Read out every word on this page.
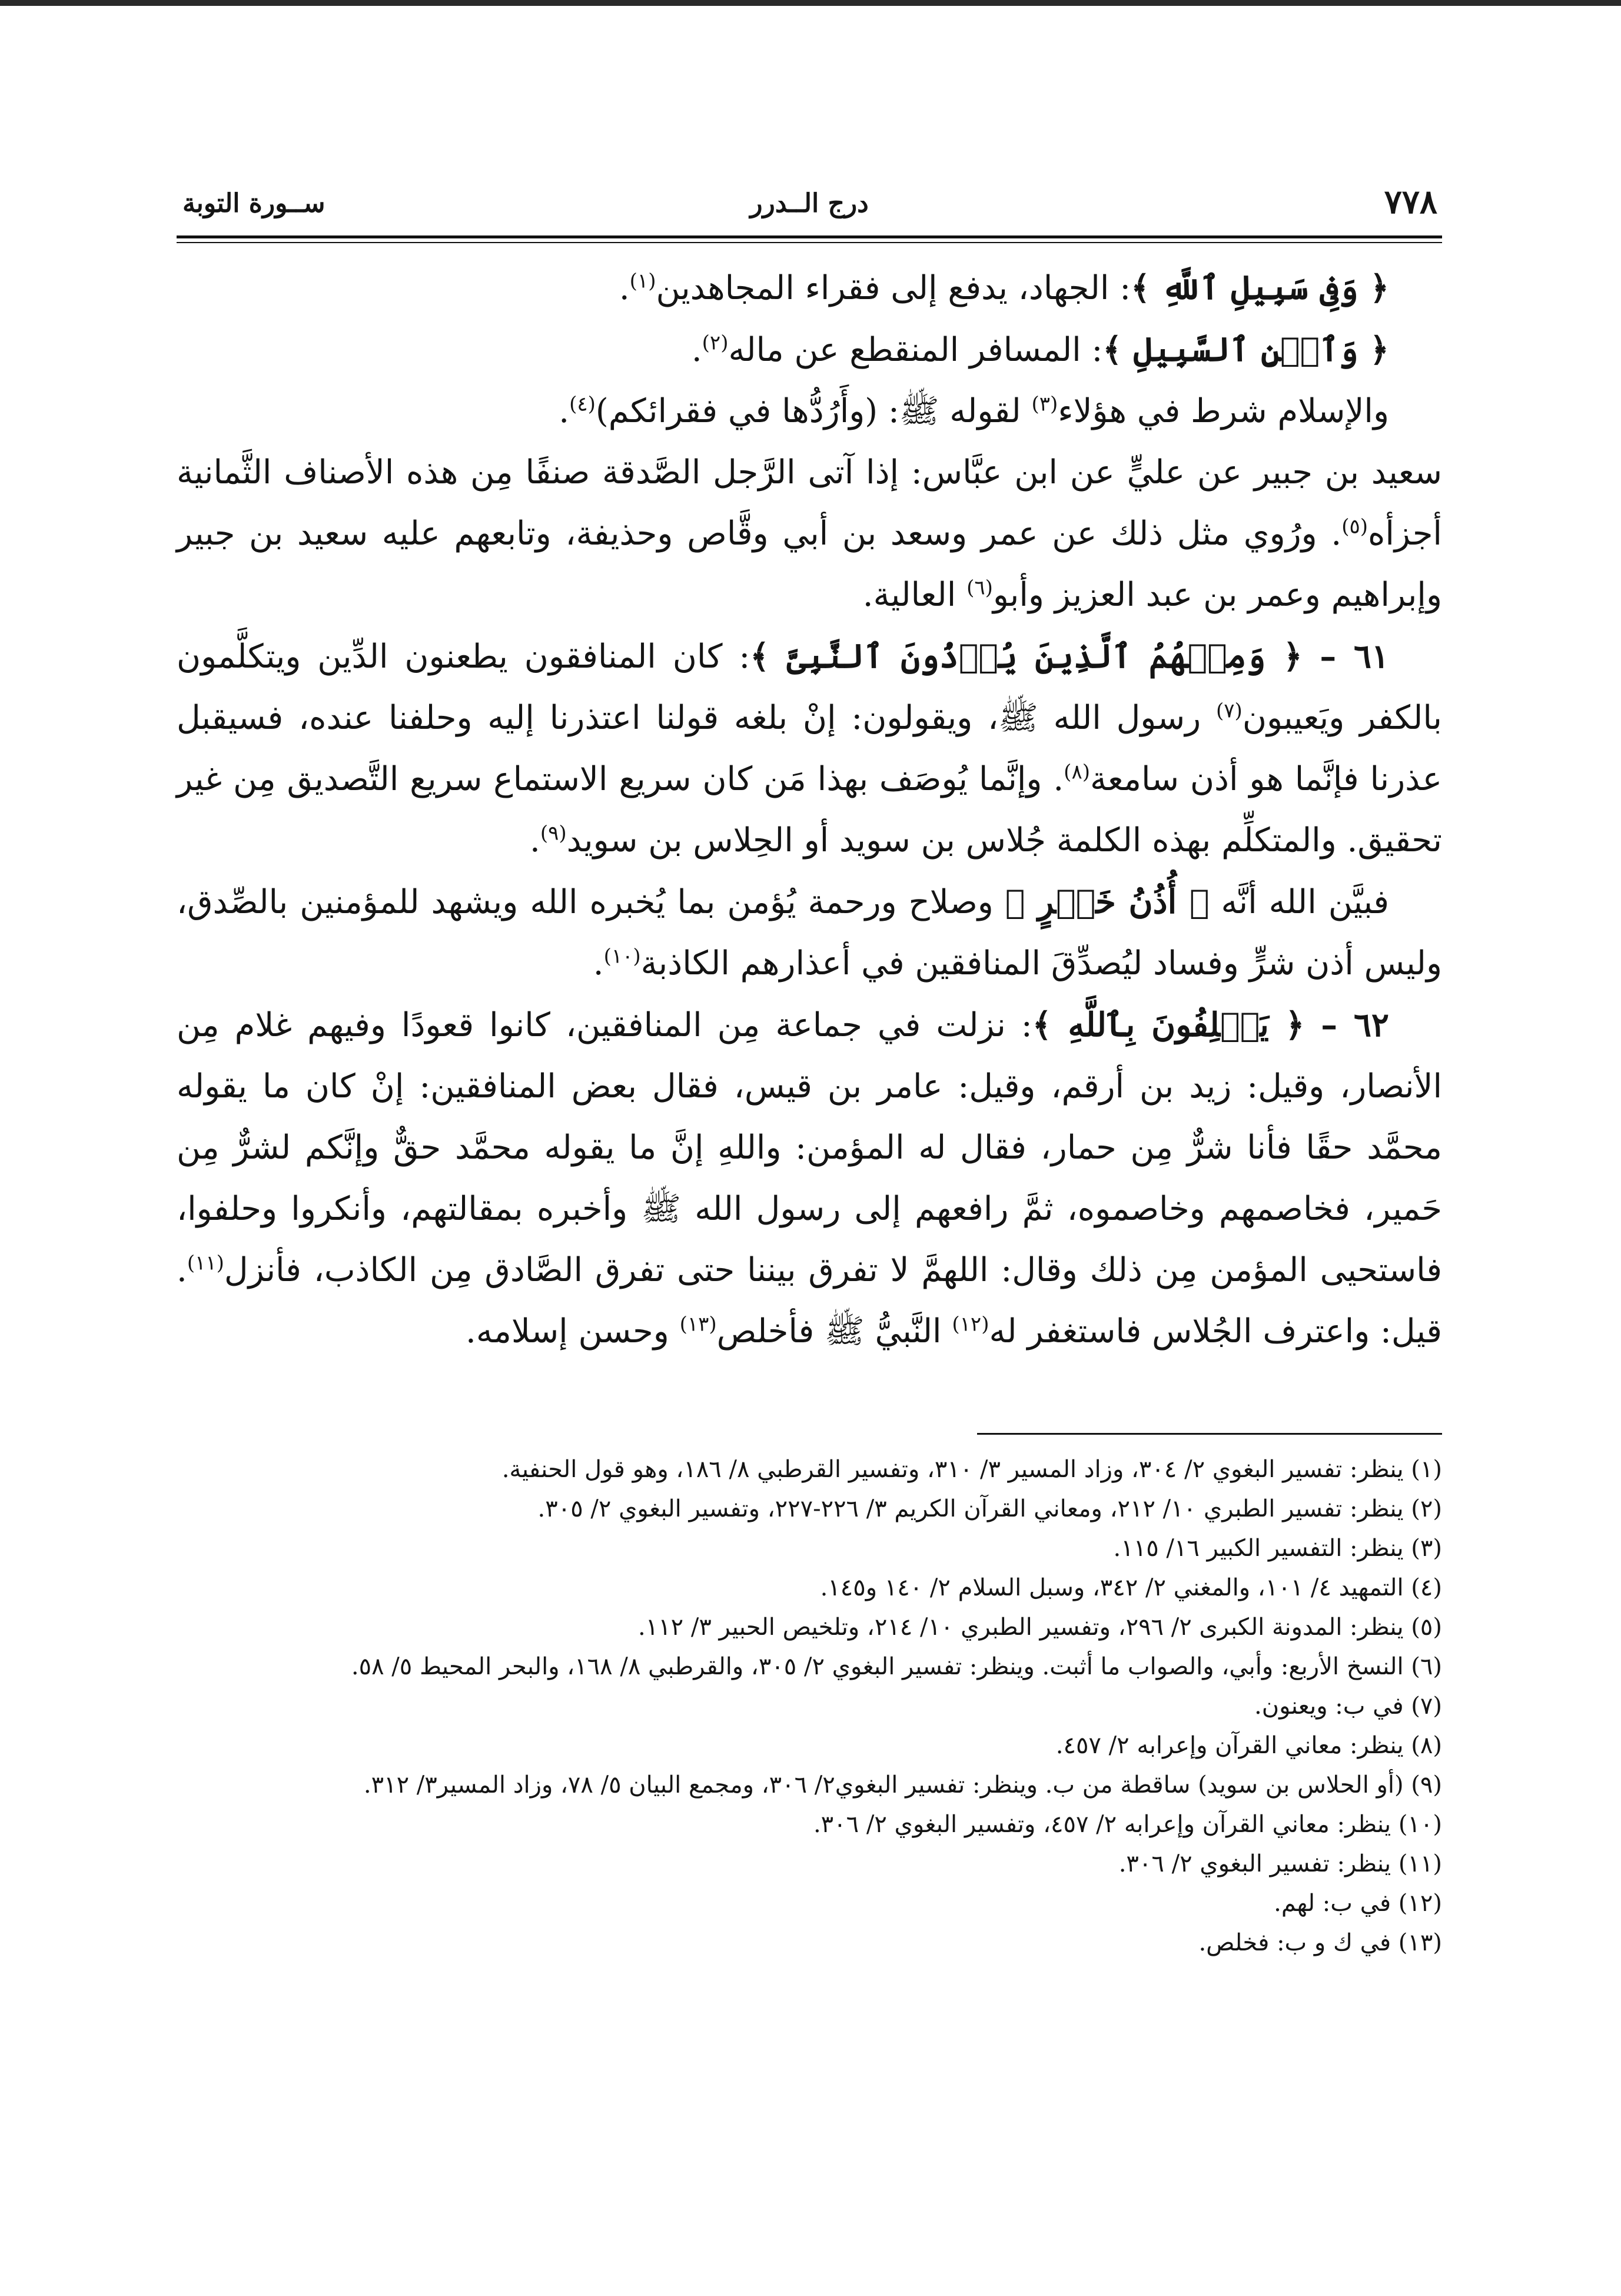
٧٧٨
درج الــدرر
ســورة التوبة

﴿ وَفِى سَبِيلِ ٱللَّهِ ﴾: الجهاد، يدفع إلى فقراء المجاهدين$^{(١)}$.

﴿ وَٱبۡنِ ٱلسَّبِيلِ ﴾: المسافر المنقطع عن ماله$^{(٢)}$.

والإسلام شرط في هؤلاء$^{(٣)}$ لقوله ﷺ: (وأَرُدُّها في فقرائكم)$^{(٤)}$.

سعيد بن جبير عن عليٍّ عن ابن عبَّاس: إذا آتى الرَّجل الصَّدقة صنفًا مِن هذه الأصناف الثَّمانية أجزأه$^{(٥)}$. ورُوي مثل ذلك عن عمر وسعد بن أبي وقَّاص وحذيفة، وتابعهم عليه سعيد بن جبير وإبراهيم وعمر بن عبد العزيز وأبو$^{(٦)}$ العالية.

٦١ – ﴿ وَمِنۡهُمُ ٱلَّذِينَ يُؤۡذُونَ ٱلنَّبِىَّ ﴾: كان المنافقون يطعنون الدِّين ويتكلَّمون بالكفر ويَعيبون$^{(٧)}$ رسول الله ﷺ، ويقولون: إنْ بلغه قولنا اعتذرنا إليه وحلفنا عنده، فسيقبل عذرنا فإنَّما هو أذن سامعة$^{(٨)}$. وإنَّما يُوصَف بهذا مَن كان سريع الاستماع سريع التَّصديق مِن غير تحقيق. والمتكلِّم بهذه الكلمة جُلاس بن سويد أو الحِلاس بن سويد$^{(٩)}$.

فبيَّن الله أنَّه ﴿ أُذُنُ خَيۡرٍ ﴾ وصلاح ورحمة يُؤمن بما يُخبره الله ويشهد للمؤمنين بالصِّدق، وليس أذن شرٍّ وفساد ليُصدِّقَ المنافقين في أعذارهم الكاذبة$^{(١٠)}$.

٦٢ – ﴿ يَحۡلِفُونَ بِٱللَّهِ ﴾: نزلت في جماعة مِن المنافقين، كانوا قعودًا وفيهم غلام مِن الأنصار، وقيل: زيد بن أرقم، وقيل: عامر بن قيس، فقال بعض المنافقين: إنْ كان ما يقوله محمَّد حقًا فأنا شرٌّ مِن حمار، فقال له المؤمن: واللهِ إنَّ ما يقوله محمَّد حقٌّ وإنَّكم لشرٌّ مِن حَمير، فخاصمهم وخاصموه، ثمَّ رافعهم إلى رسول الله ﷺ وأخبره بمقالتهم، وأنكروا وحلفوا، فاستحيى المؤمن مِن ذلك وقال: اللهمَّ لا تفرق بيننا حتى تفرق الصَّادق مِن الكاذب، فأنزل$^{(١١)}$. قيل: واعترف الجُلاس فاستغفر له$^{(١٢)}$ النَّبيُّ ﷺ فأخلص$^{(١٣)}$ وحسن إسلامه.

(١) ينظر: تفسير البغوي ٢/ ٣٠٤، وزاد المسير ٣/ ٣١٠، وتفسير القرطبي ٨/ ١٨٦، وهو قول الحنفية.
(٢) ينظر: تفسير الطبري ١٠/ ٢١٢، ومعاني القرآن الكريم ٣/ ٢٢٦-٢٢٧، وتفسير البغوي ٢/ ٣٠٥.
(٣) ينظر: التفسير الكبير ١٦/ ١١٥.
(٤) التمهيد ٤/ ١٠١، والمغني ٢/ ٣٤٢، وسبل السلام ٢/ ١٤٠ و١٤٥.
(٥) ينظر: المدونة الكبرى ٢/ ٢٩٦، وتفسير الطبري ١٠/ ٢١٤، وتلخيص الحبير ٣/ ١١٢.
(٦) النسخ الأربع: وأبي، والصواب ما أثبت. وينظر: تفسير البغوي ٢/ ٣٠٥، والقرطبي ٨/ ١٦٨، والبحر المحيط ٥/ ٥٨.
(٧) في ب: ويعنون.
(٨) ينظر: معاني القرآن وإعرابه ٢/ ٤٥٧.
(٩) (أو الحلاس بن سويد) ساقطة من ب. وينظر: تفسير البغوي٢/ ٣٠٦، ومجمع البيان ٥/ ٧٨، وزاد المسير٣/ ٣١٢.
(١٠) ينظر: معاني القرآن وإعرابه ٢/ ٤٥٧، وتفسير البغوي ٢/ ٣٠٦.
(١١) ينظر: تفسير البغوي ٢/ ٣٠٦.
(١٢) في ب: لهم.
(١٣) في ك و ب: فخلص.
